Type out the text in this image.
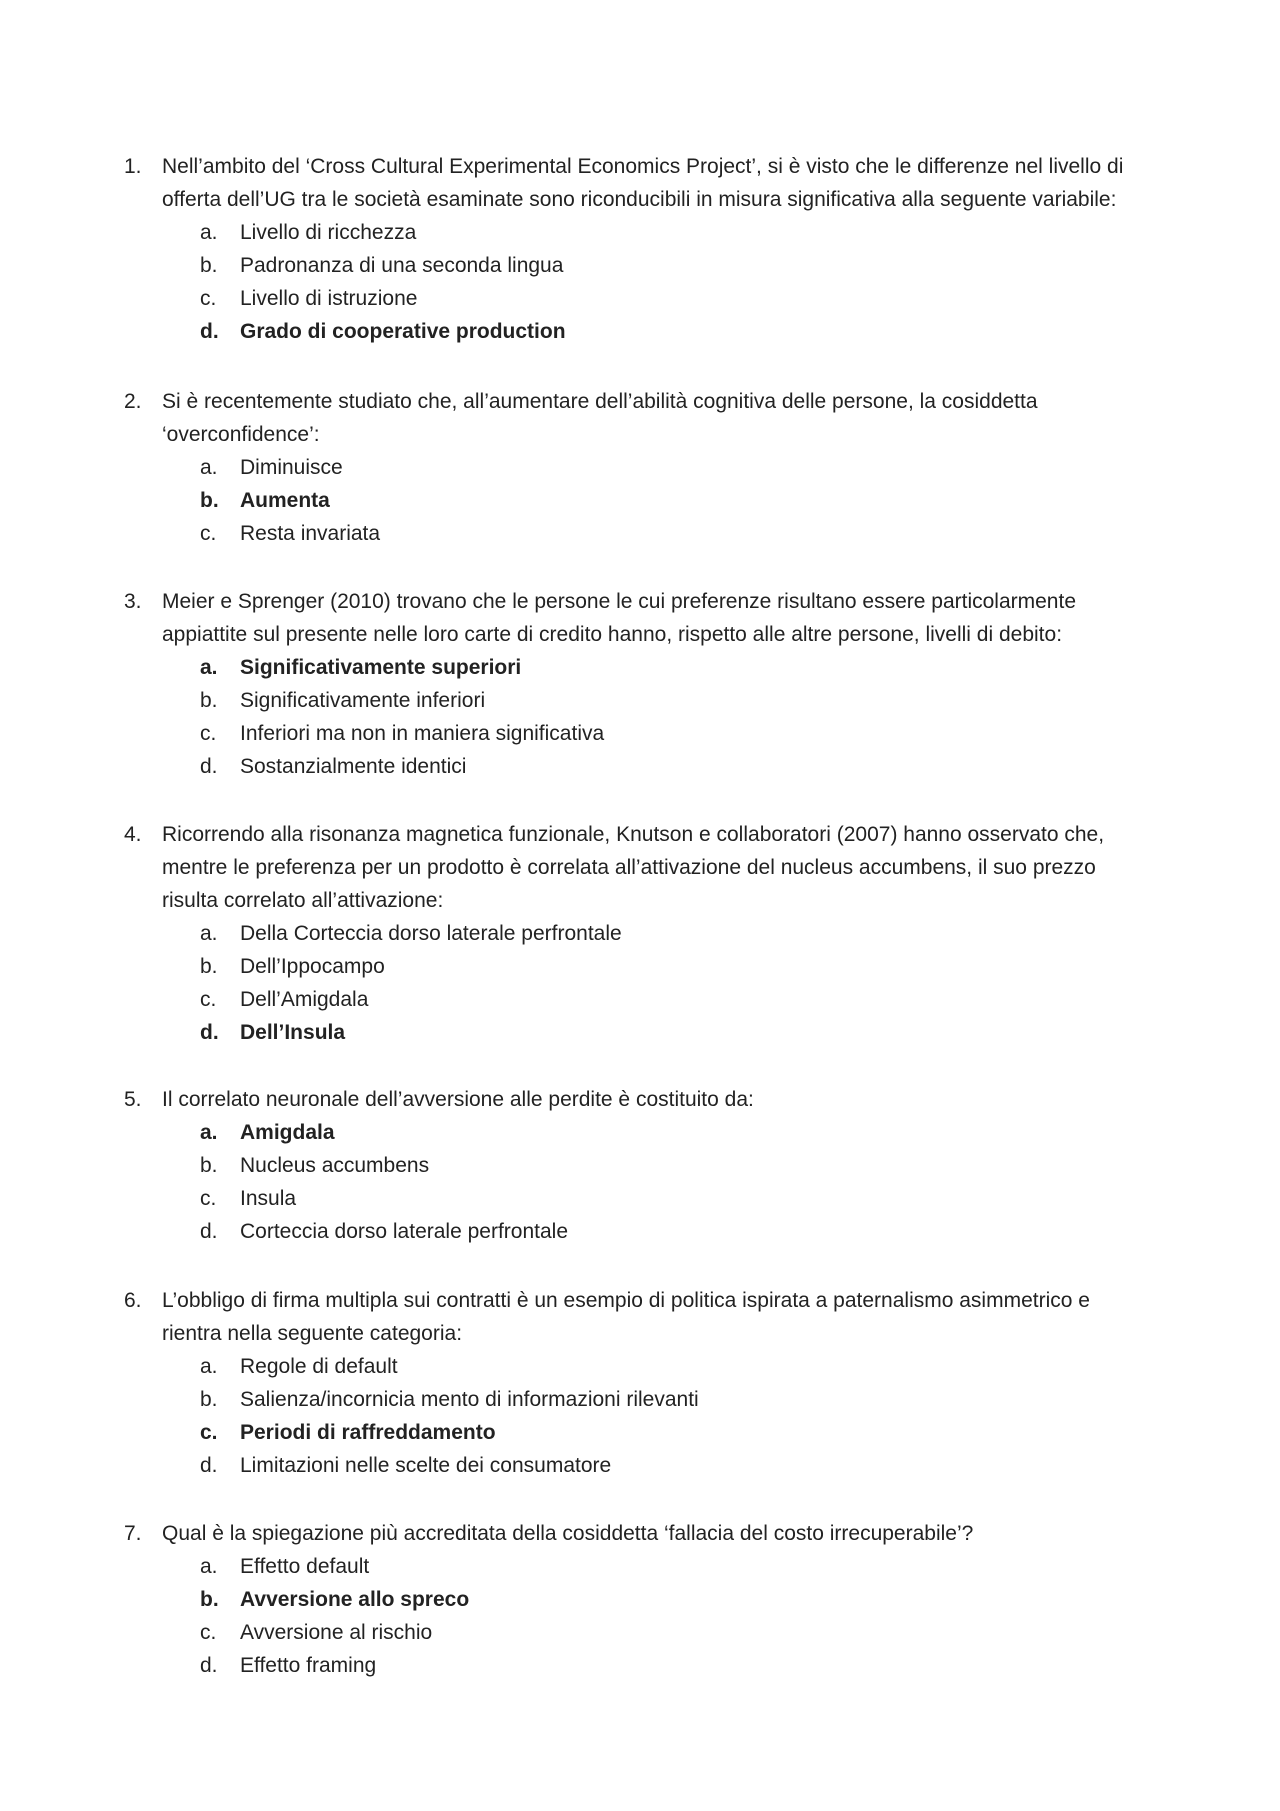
1. Nell’ambito del ‘Cross Cultural Experimental Economics Project’, si è visto che le differenze nel livello di
offerta dell’UG tra le società esaminate sono riconducibili in misura significativa alla seguente variabile:
a.	Livello di ricchezza
b.	Padronanza di una seconda lingua
c.	Livello di istruzione
d.	Grado di cooperative production
2. Si è recentemente studiato che, all’aumentare dell’abilità cognitiva delle persone, la cosiddetta
‘overconfidence’:
a.	Diminuisce
b.	Aumenta
c.	Resta invariata
3. Meier e Sprenger (2010) trovano che le persone le cui preferenze risultano essere particolarmente
appiattite sul presente nelle loro carte di credito hanno, rispetto alle altre persone, livelli di debito:
a.	Significativamente superiori
b.	Significativamente inferiori
c.	Inferiori ma non in maniera significativa
d.	Sostanzialmente identici
4. Ricorrendo alla risonanza magnetica funzionale, Knutson e collaboratori (2007) hanno osservato che,
mentre le preferenza per un prodotto è correlata all’attivazione del nucleus accumbens, il suo prezzo
risulta correlato all’attivazione:
a.	Della Corteccia dorso laterale perfrontale
b.	Dell’Ippocampo
c.	Dell’Amigdala
d.	Dell’Insula
5. Il correlato neuronale dell’avversione alle perdite è costituito da:
a.	Amigdala
b.	Nucleus accumbens
c.	Insula
d.	Corteccia dorso laterale perfrontale
6. L’obbligo di firma multipla sui contratti è un esempio di politica ispirata a paternalismo asimmetrico e
rientra nella seguente categoria:
a.	Regole di default
b.	Salienza/incornicia mento di informazioni rilevanti
c.	Periodi di raffreddamento
d.	Limitazioni nelle scelte dei consumatore
7. Qual è la spiegazione più accreditata della cosiddetta ‘fallacia del costo irrecuperabile’?
a.	Effetto default
b.	Avversione allo spreco
c.	Avversione al rischio
d.	Effetto framing
